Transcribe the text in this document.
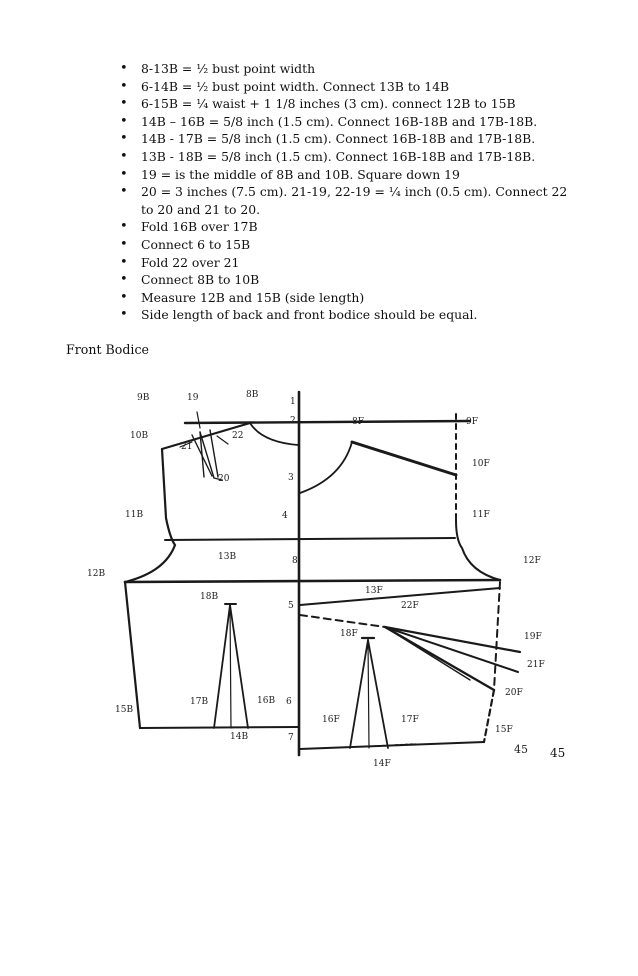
• 8-13B = ½ bust point width
• 6-14B = ½ bust point width. Connect 13B to 14B
• 6-15B = ¼ waist + 1 1/8 inches (3 cm). connect 12B to 15B
• 14B – 16B = 5/8 inch (1.5 cm). Connect 16B-18B and 17B-18B.
• 14B - 17B = 5/8 inch (1.5 cm). Connect 16B-18B and 17B-18B.
• 13B - 18B = 5/8 inch (1.5 cm). Connect 16B-18B and 17B-18B.
• 19 = is the middle of 8B and 10B. Square down 19
• 20 = 3 inches (7.5 cm). 21-19, 22-19 = ¼ inch (0.5 cm). Connect 22 to 20 and 21 to 20.
• Fold 16B over 17B
• Connect 6 to 15B
• Fold 22 over 21
• Connect 8B to 10B
• Measure 12B and 15B (side length)
• Side length of back and front bodice should be equal.
Front Bodice
9B	19	8B
1
2	8F	9F
10B
21
22
10F
20	3
11B	4	11F
13B	8	12F
12B
13F
18B
5	22F
18F	19F
21F
20F
17B	16B 6
15B
16F	17F
15F
14B	7
45
14F
45
